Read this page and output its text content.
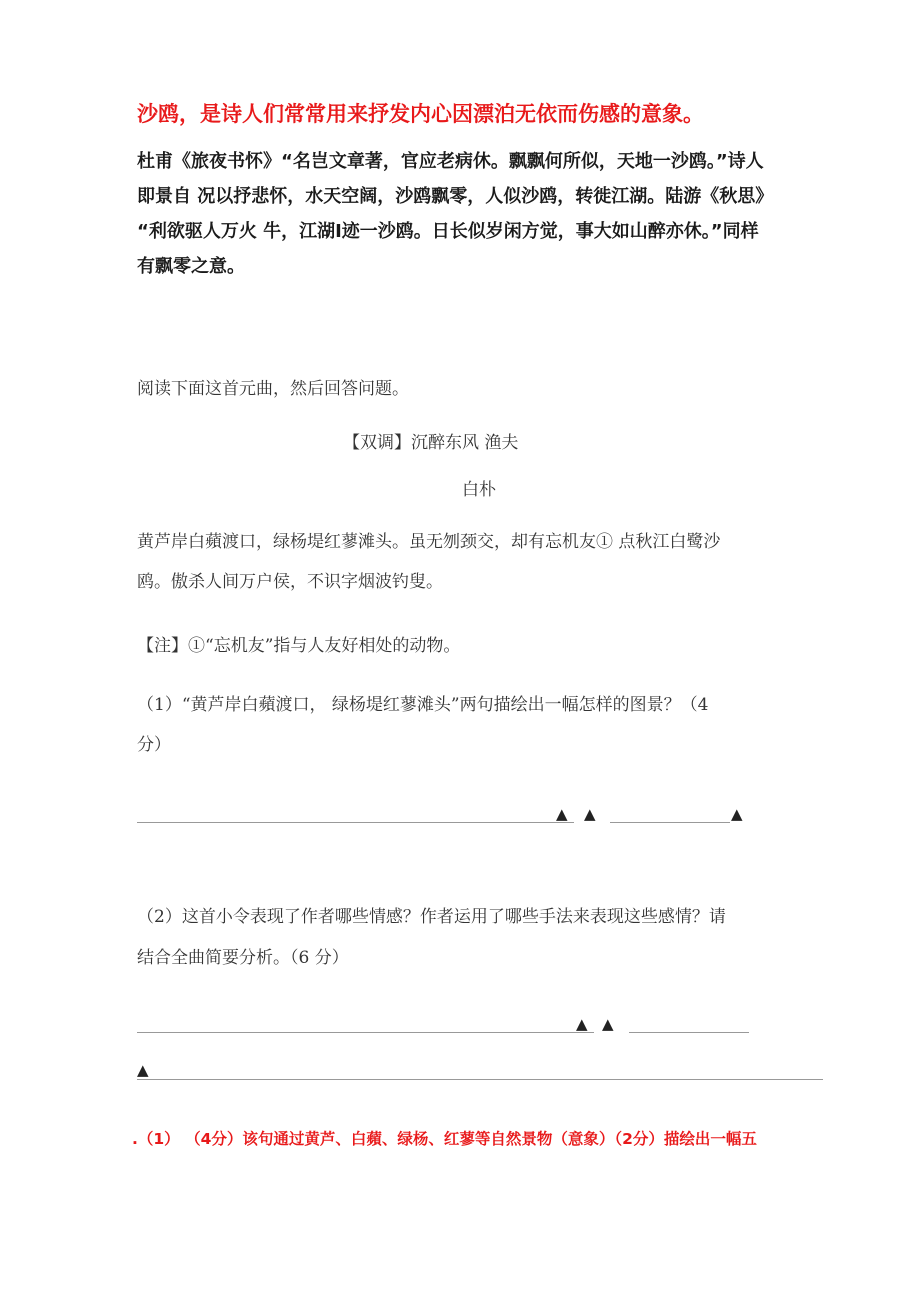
沙鸥，是诗人们常常用来抒发内心因漂泊无依而伤感的意象。
杜甫《旅夜书怀》“名岂文章著，官应老病休。飘飘何所似，天地一沙鸥。”诗人
即景自 况以抒悲怀，水天空阔，沙鸥飘零，人似沙鸥，转徙江湖。陆游《秋思》
“利欲驱人万火 牛，江湖I迹一沙鸥。日长似岁闲方觉，事大如山醉亦休。”同样
有飘零之意。
阅读下面这首元曲，然后回答问题。
【双调】沉醉东风 渔夫
白朴
黄芦岸白蘋渡口，绿杨堤红蓼滩头。虽无刎颈交，却有忘机友① 点秋江白鹭沙
鸥。傲杀人间万户侯，不识字烟波钓叟。
【注】①“忘机友”指与人友好相处的动物。
（1）“黄芦岸白蘋渡口， 绿杨堤红蓼滩头”两句描绘出一幅怎样的图景？（4
分）
▲ ▲	▲
（2）这首小令表现了作者哪些情感？作者运用了哪些手法来表现这些感情？请
结合全曲简要分析。（6 分）
▲ ▲
▲
.（1） （4分）该句通过黄芦、白蘋、绿杨、红蓼等自然景物（意象）（2分）描绘出一幅五
